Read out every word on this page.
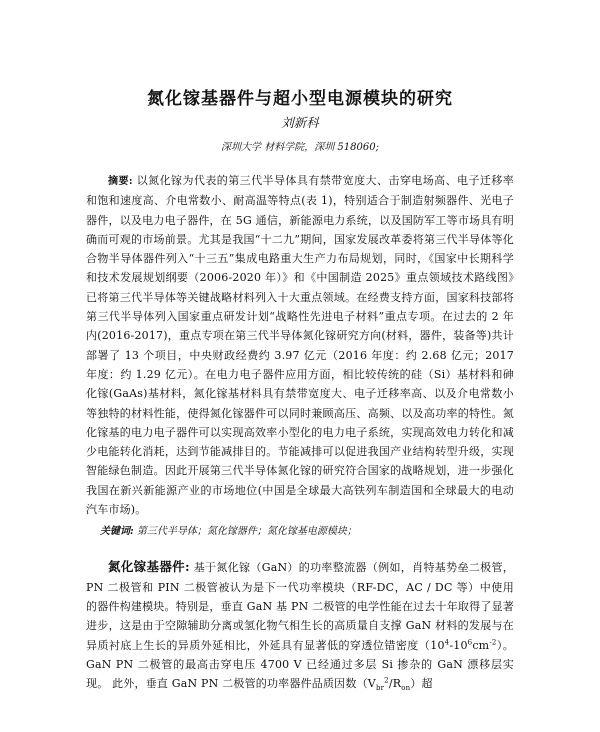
氮化镓基器件与超小型电源模块的研究
刘新科
深圳大学 材料学院，深圳 518060;
摘要: 以氮化镓为代表的第三代半导体具有禁带宽度大、击穿电场高、电子迁移率和饱和速度高、介电常数小、耐高温等特点(表 1)，特别适合于制造射频器件、光电子器件，以及电力电子器件，在 5G 通信，新能源电力系统，以及国防军工等市场具有明确而可观的市场前景。尤其是我国“十二九”期间，国家发展改革委将第三代半导体等化合物半导体器件列入“十三五”集成电路重大生产力布局规划，同时，《国家中长期科学和技术发展规划纲要（2006-2020 年）》和《中国制造 2025》重点领域技术路线图》已将第三代半导体等关键战略材料列入十大重点领域。在经费支持方面，国家科技部将第三代半导体列入国家重点研发计划“战略性先进电子材料”重点专项。在过去的 2 年内(2016-2017)，重点专项在第三代半导体氮化镓研究方向(材料，器件，装备等)共计部署了 13 个项目，中央财政经费约 3.97 亿元（2016 年度：约 2.68 亿元；2017 年度：约 1.29 亿元）。在电力电子器件应用方面，相比较传统的硅（Si）基材料和砷化镓(GaAs)基材料，氮化镓基材料具有禁带宽度大、电子迁移率高、以及介电常数小等独特的材料性能，使得氮化镓器件可以同时兼顾高压、高频、以及高功率的特性。氮化镓基的电力电子器件可以实现高效率小型化的电力电子系统，实现高效电力转化和减少电能转化消耗，达到节能减排目的。节能减排可以促进我国产业结构转型升级，实现智能绿色制造。因此开展第三代半导体氮化镓的研究符合国家的战略规划，进一步强化我国在新兴新能源产业的市场地位(中国是全球最大高铁列车制造国和全球最大的电动汽车市场)。
关键词: 第三代半导体；氮化镓器件；氮化镓基电源模块；
氮化镓基器件: 基于氮化镓（GaN）的功率整流器（例如，肖特基势垒二极管，PN 二极管和 PIN 二极管被认为是下一代功率模块（RF-DC，AC / DC 等）中使用的器件构建模块。特别是，垂直 GaN 基 PN 二极管的电学性能在过去十年取得了显著进步，这是由于空隙辅助分离或氢化物气相生长的高质量自支撑 GaN 材料的发展与在异质衬底上生长的异质外延相比，外延具有显著低的穿透位错密度$(10^4-10^6cm^{-2})$。GaN PN 二极管的最高击穿电压 4700 V 已经通过多层 Si 掺杂的 GaN 漂移层实现。 此外，垂直 GaN PN 二极管的功率器件品质因数$(V_{br}^2/R_{on})$超
